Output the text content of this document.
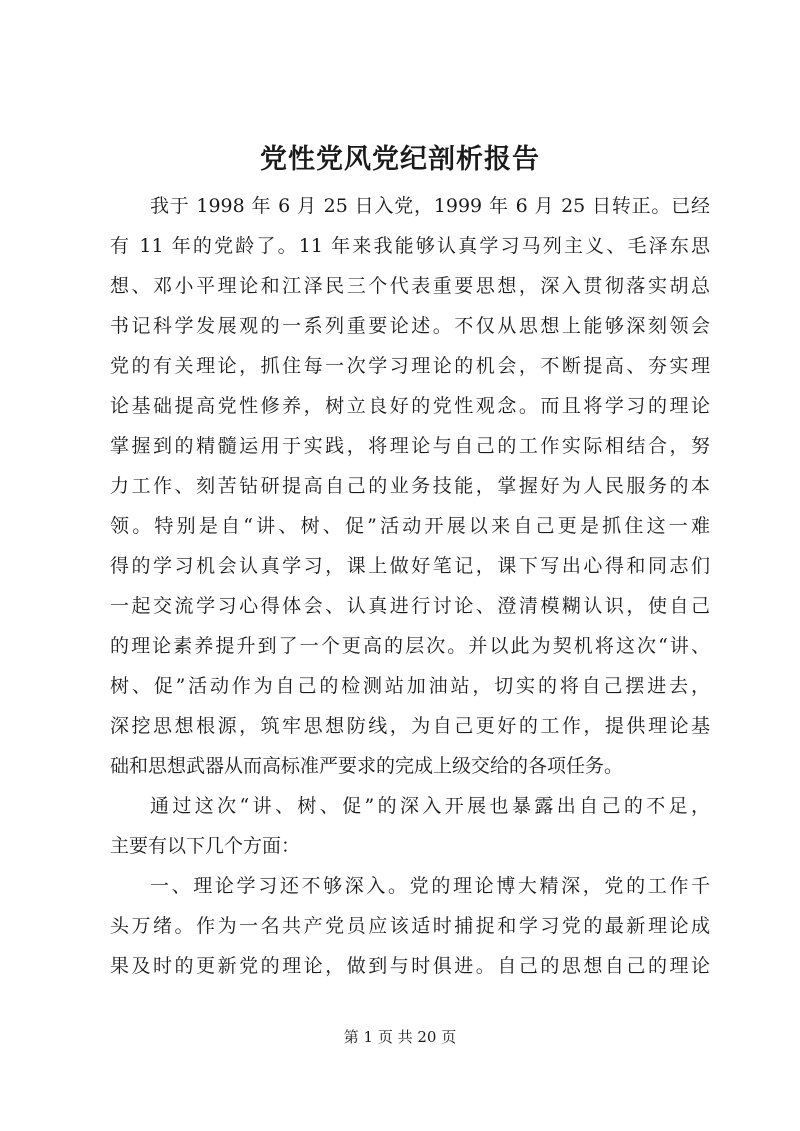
党性党风党纪剖析报告
我于 1998 年 6 月 25 日入党，1999 年 6 月 25 日转正。已经
有 11 年的党龄了。11 年来我能够认真学习马列主义、毛泽东思
想、邓小平理论和江泽民三个代表重要思想，深入贯彻落实胡总
书记科学发展观的一系列重要论述。不仅从思想上能够深刻领会
党的有关理论，抓住每一次学习理论的机会，不断提高、夯实理
论基础提高党性修养，树立良好的党性观念。而且将学习的理论
掌握到的精髓运用于实践，将理论与自己的工作实际相结合，努
力工作、刻苦钻研提高自己的业务技能，掌握好为人民服务的本
领。特别是自“讲、树、促”活动开展以来自己更是抓住这一难
得的学习机会认真学习，课上做好笔记，课下写出心得和同志们
一起交流学习心得体会、认真进行讨论、澄清模糊认识，使自己
的理论素养提升到了一个更高的层次。并以此为契机将这次“讲、
树、促”活动作为自己的检测站加油站，切实的将自己摆进去，
深挖思想根源，筑牢思想防线，为自己更好的工作，提供理论基
础和思想武器从而高标准严要求的完成上级交给的各项任务。
通过这次“讲、树、促”的深入开展也暴露出自己的不足，
主要有以下几个方面：
一、理论学习还不够深入。党的理论博大精深，党的工作千
头万绪。作为一名共产党员应该适时捕捉和学习党的最新理论成
果及时的更新党的理论，做到与时俱进。自己的思想自己的理论
第 1 页 共 20 页
